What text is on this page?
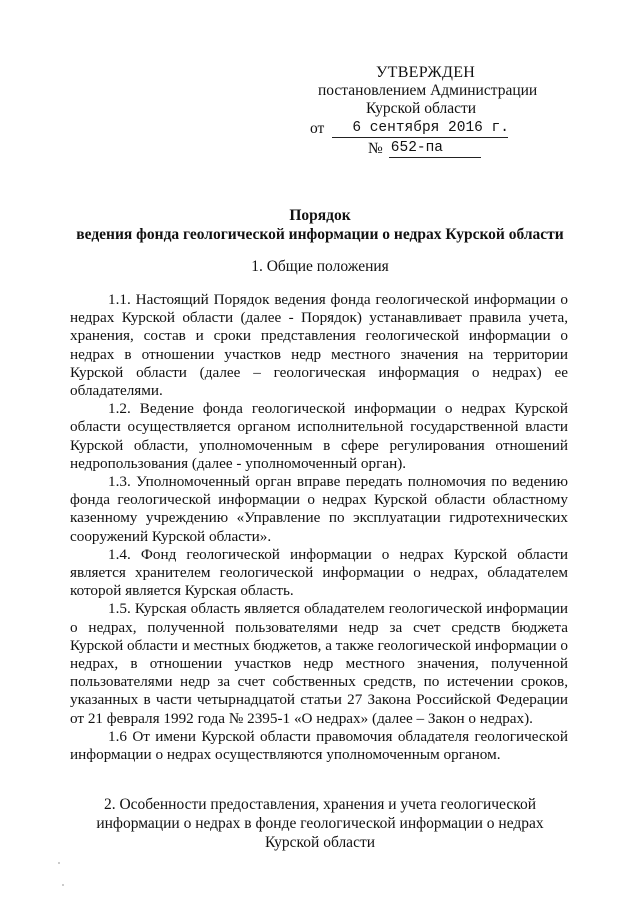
УТВЕРЖДЕН
постановлением Администрации
Курской области
от	6 сентября 2016 г.
№ 652-па
Порядок
ведения фонда геологической информации о недрах Курской области
1. Общие положения

1.1. Настоящий Порядок ведения фонда геологической информации о недрах Курской области (далее - Порядок) устанавливает правила учета, хранения, состав и сроки представления геологической информации о недрах в отношении участков недр местного значения на территории Курской области (далее – геологическая информация о недрах) ее обладателями.

1.2. Ведение фонда геологической информации о недрах Курской области осуществляется органом исполнительной государственной власти Курской области, уполномоченным в сфере регулирования отношений недропользования (далее - уполномоченный орган).

1.3. Уполномоченный орган вправе передать полномочия по ведению фонда геологической информации о недрах Курской области областному казенному учреждению «Управление по эксплуатации гидротехнических сооружений Курской области».

1.4. Фонд геологической информации о недрах Курской области является хранителем геологической информации о недрах, обладателем которой является Курская область.

1.5. Курская область является обладателем геологической информации о недрах, полученной пользователями недр за счет средств бюджета Курской области и местных бюджетов, а также геологической информации о недрах, в отношении участков недр местного значения, полученной пользователями недр за счет собственных средств, по истечении сроков, указанных в части четырнадцатой статьи 27 Закона Российской Федерации от 21 февраля 1992 года № 2395-1 «О недрах» (далее – Закон о недрах).

1.6 От имени Курской области правомочия обладателя геологической информации о недрах осуществляются уполномоченным органом.

2. Особенности предоставления, хранения и учета геологической
информации о недрах в фонде геологической информации о недрах
Курской области
